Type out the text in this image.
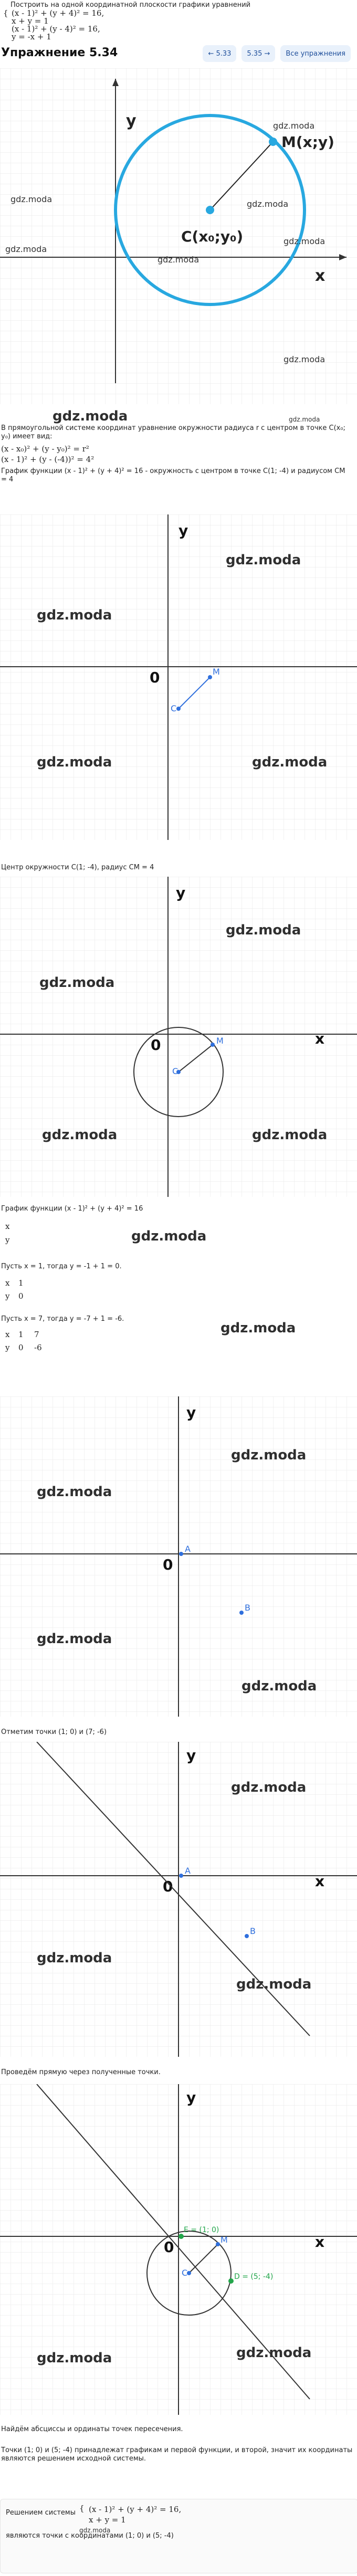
Построить на одной координатной плоскости графики уравнений
{ (x - 1)² + (y + 4)² = 16,
x + y = 1
(x - 1)² + (y - 4)² = 16,
y = -x + 1
Упражнение 5.34	← 5.33	5.35 →	Все упражнения
M(x;y)
C(x₀;y₀)
x
y	gdz.moda
gdz.moda	gdz.moda
gdz.moda
gdz.moda
gdz.moda
gdz.moda
gdz.moda	gdz.moda
В прямоугольной системе координат уравнение окружности радиуса r с центром в точке C(x₀; y₀) имеет вид:
(x - x₀)² + (y - y₀)² = r²
(x - 1)² + (y - (-4))² = 4²
График функции (x - 1)² + (y + 4)² = 16 - окружность с центром в точке C(1; -4) и радиусом CM = 4
0
y
C
M
gdz.moda
gdz.moda
gdz.moda	gdz.moda
Центр окружности C(1; -4), радиус CM = 4
0
y
x
C
M
gdz.moda
gdz.moda
gdz.moda	gdz.moda
График функции (x - 1)² + (y + 4)² = 16
x
y	gdz.moda
Пусть x = 1, тогда y = -1 + 1 = 0.
x 1
y 0
Пусть x = 7, тогда y = -7 + 1 = -6.
x 1 7
y 0 -6
gdz.moda
0
y
A
B
gdz.moda
gdz.moda
gdz.moda
gdz.moda
Отметим точки (1; 0) и (7; -6)
0
y
x
A
B
gdz.moda
gdz.moda
gdz.moda
Проведём прямую через полученные точки.
0
y
x
E = (1; 0)
D = (5; -4)
C
M
gdz.moda	gdz.moda
Найдём абсциссы и ординаты точек пересечения.
Точки (1; 0) и (5; -4) принадлежат графикам и первой функции, и второй, значит их координаты являются решением исходной системы.
Решением системы { (x - 1)² + (y + 4)² = 16,
x + y = 1
являются точки с координатами (1; 0) и (5; -4)
gdz.moda
